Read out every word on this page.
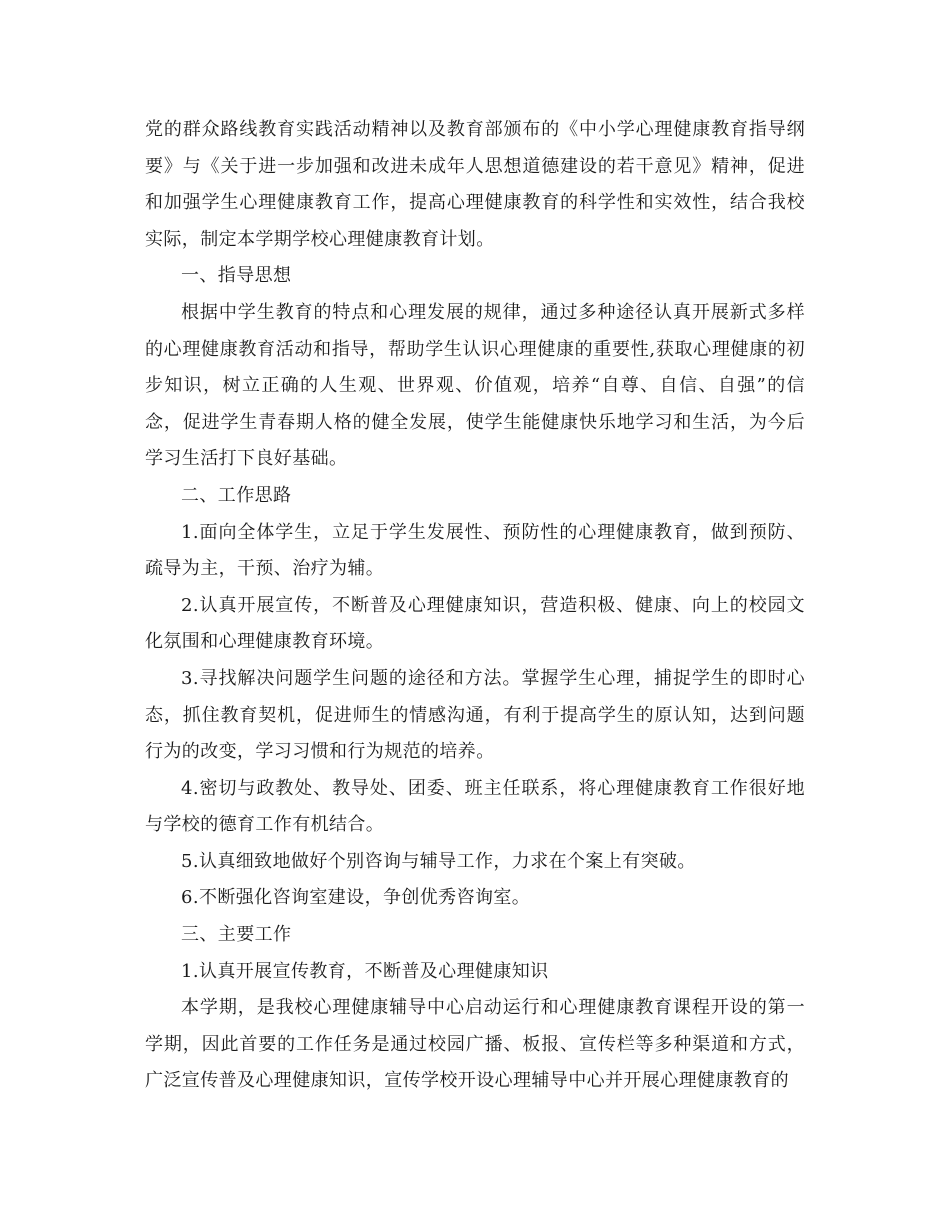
党的群众路线教育实践活动精神以及教育部颁布的《中小学心理健康教育指导纲要》与《关于进一步加强和改进未成年人思想道德建设的若干意见》精神，促进和加强学生心理健康教育工作，提高心理健康教育的科学性和实效性，结合我校实际，制定本学期学校心理健康教育计划。

一、指导思想

根据中学生教育的特点和心理发展的规律，通过多种途径认真开展新式多样的心理健康教育活动和指导，帮助学生认识心理健康的重要性,获取心理健康的初步知识，树立正确的人生观、世界观、价值观，培养“自尊、自信、自强”的信念，促进学生青春期人格的健全发展，使学生能健康快乐地学习和生活，为今后学习生活打下良好基础。

二、工作思路

1.面向全体学生，立足于学生发展性、预防性的心理健康教育，做到预防、疏导为主，干预、治疗为辅。

2.认真开展宣传，不断普及心理健康知识，营造积极、健康、向上的校园文化氛围和心理健康教育环境。

3.寻找解决问题学生问题的途径和方法。掌握学生心理，捕捉学生的即时心态，抓住教育契机，促进师生的情感沟通，有利于提高学生的原认知，达到问题行为的改变，学习习惯和行为规范的培养。

4.密切与政教处、教导处、团委、班主任联系，将心理健康教育工作很好地与学校的德育工作有机结合。

5.认真细致地做好个别咨询与辅导工作，力求在个案上有突破。

6.不断强化咨询室建设，争创优秀咨询室。

三、主要工作

1.认真开展宣传教育，不断普及心理健康知识

本学期，是我校心理健康辅导中心启动运行和心理健康教育课程开设的第一学期，因此首要的工作任务是通过校园广播、板报、宣传栏等多种渠道和方式，广泛宣传普及心理健康知识，宣传学校开设心理辅导中心并开展心理健康教育的
